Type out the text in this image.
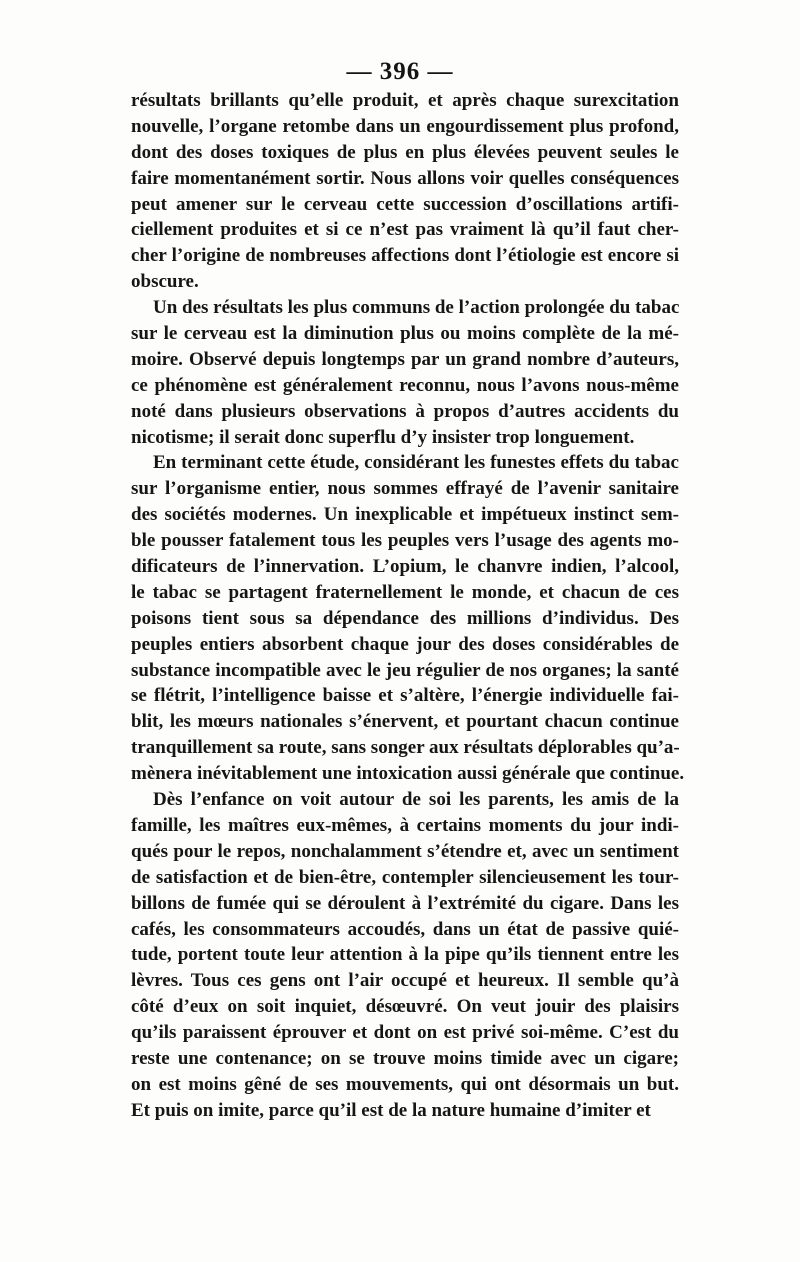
— 396 —
résultats brillants qu’elle produit, et après chaque surexcitation
nouvelle, l’organe retombe dans un engourdissement plus profond,
dont des doses toxiques de plus en plus élevées peuvent seules le
faire momentanément sortir. Nous allons voir quelles conséquences
peut amener sur le cerveau cette succession d’oscillations artifi-
ciellement produites et si ce n’est pas vraiment là qu’il faut cher-
cher l’origine de nombreuses affections dont l’étiologie est encore si
obscure.
Un des résultats les plus communs de l’action prolongée du tabac
sur le cerveau est la diminution plus ou moins complète de la mé-
moire. Observé depuis longtemps par un grand nombre d’auteurs,
ce phénomène est généralement reconnu, nous l’avons nous-même
noté dans plusieurs observations à propos d’autres accidents du
nicotisme; il serait donc superflu d’y insister trop longuement.
En terminant cette étude, considérant les funestes effets du tabac
sur l’organisme entier, nous sommes effrayé de l’avenir sanitaire
des sociétés modernes. Un inexplicable et impétueux instinct sem-
ble pousser fatalement tous les peuples vers l’usage des agents mo-
dificateurs de l’innervation. L’opium, le chanvre indien, l’alcool,
le tabac se partagent fraternellement le monde, et chacun de ces
poisons tient sous sa dépendance des millions d’individus. Des
peuples entiers absorbent chaque jour des doses considérables de
substance incompatible avec le jeu régulier de nos organes; la santé
se flétrit, l’intelligence baisse et s’altère, l’énergie individuelle fai-
blit, les mœurs nationales s’énervent, et pourtant chacun continue
tranquillement sa route, sans songer aux résultats déplorables qu’a-
mènera inévitablement une intoxication aussi générale que continue.
Dès l’enfance on voit autour de soi les parents, les amis de la
famille, les maîtres eux-mêmes, à certains moments du jour indi-
qués pour le repos, nonchalamment s’étendre et, avec un sentiment
de satisfaction et de bien-être, contempler silencieusement les tour-
billons de fumée qui se déroulent à l’extrémité du cigare. Dans les
cafés, les consommateurs accoudés, dans un état de passive quié-
tude, portent toute leur attention à la pipe qu’ils tiennent entre les
lèvres. Tous ces gens ont l’air occupé et heureux. Il semble qu’à
côté d’eux on soit inquiet, désœuvré. On veut jouir des plaisirs
qu’ils paraissent éprouver et dont on est privé soi-même. C’est du
reste une contenance; on se trouve moins timide avec un cigare;
on est moins gêné de ses mouvements, qui ont désormais un but.
Et puis on imite, parce qu’il est de la nature humaine d’imiter et
